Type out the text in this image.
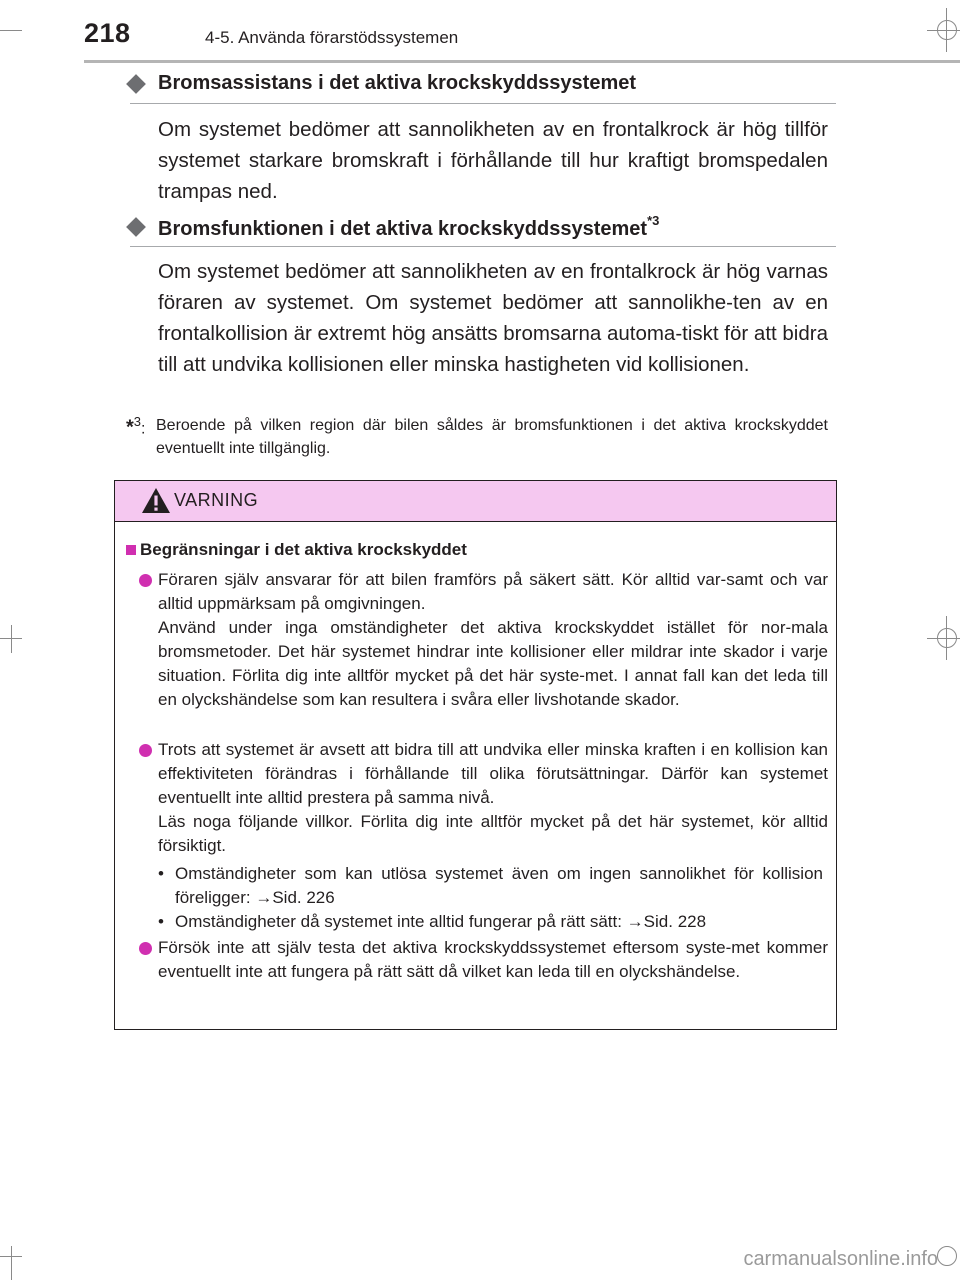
218	4-5. Använda förarstödssystemen
Bromsassistans i det aktiva krockskyddssystemet
Om systemet bedömer att sannolikheten av en frontalkrock är hög tillför systemet starkare bromskraft i förhållande till hur kraftigt bromspedalen trampas ned.
Bromsfunktionen i det aktiva krockskyddssystemet$^{*3}$
Om systemet bedömer att sannolikheten av en frontalkrock är hög varnas föraren av systemet. Om systemet bedömer att sannolikhe-ten av en frontalkollision är extremt hög ansätts bromsarna automa-tiskt för att bidra till att undvika kollisionen eller minska hastigheten vid kollisionen.
*$^3$: Beroende på vilken region där bilen såldes är bromsfunktionen i det aktiva krockskyddet eventuellt inte tillgänglig.
VARNING
Begränsningar i det aktiva krockskyddet
Föraren själv ansvarar för att bilen framförs på säkert sätt. Kör alltid var-samt och var alltid uppmärksam på omgivningen.
Använd under inga omständigheter det aktiva krockskyddet istället för nor-mala bromsmetoder. Det här systemet hindrar inte kollisioner eller mildrar inte skador i varje situation. Förlita dig inte alltför mycket på det här syste-met. I annat fall kan det leda till en olyckshändelse som kan resultera i svåra eller livshotande skador.
Trots att systemet är avsett att bidra till att undvika eller minska kraften i en kollision kan effektiviteten förändras i förhållande till olika förutsättningar. Därför kan systemet eventuellt inte alltid prestera på samma nivå.
Läs noga följande villkor. Förlita dig inte alltför mycket på det här systemet, kör alltid försiktigt.
• Omständigheter som kan utlösa systemet även om ingen sannolikhet för kollision föreligger: →Sid. 226
• Omständigheter då systemet inte alltid fungerar på rätt sätt: →Sid. 228
Försök inte att själv testa det aktiva krockskyddssystemet eftersom syste-met kommer eventuellt inte att fungera på rätt sätt då vilket kan leda till en olyckshändelse.
carmanualsonline.info
